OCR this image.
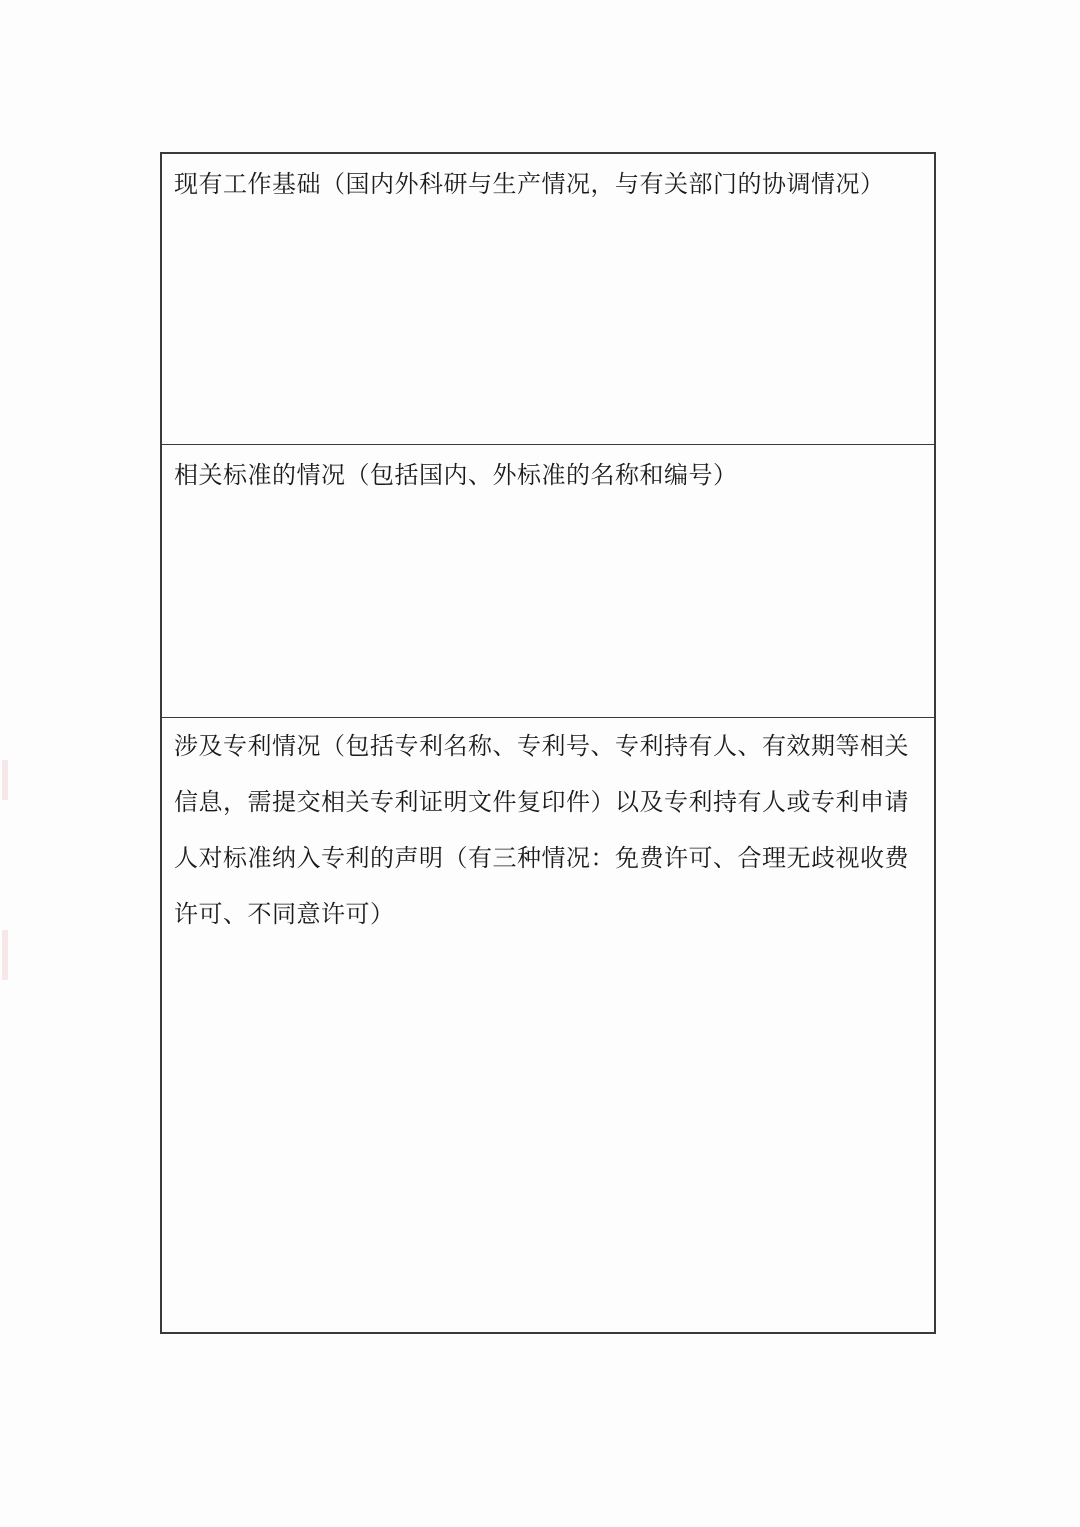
现有工作基础（国内外科研与生产情况，与有关部门的协调情况）
相关标准的情况（包括国内、外标准的名称和编号）
涉及专利情况（包括专利名称、专利号、专利持有人、有效期等相关信息，需提交相关专利证明文件复印件）以及专利持有人或专利申请人对标准纳入专利的声明（有三种情况：免费许可、合理无歧视收费许可、不同意许可）
